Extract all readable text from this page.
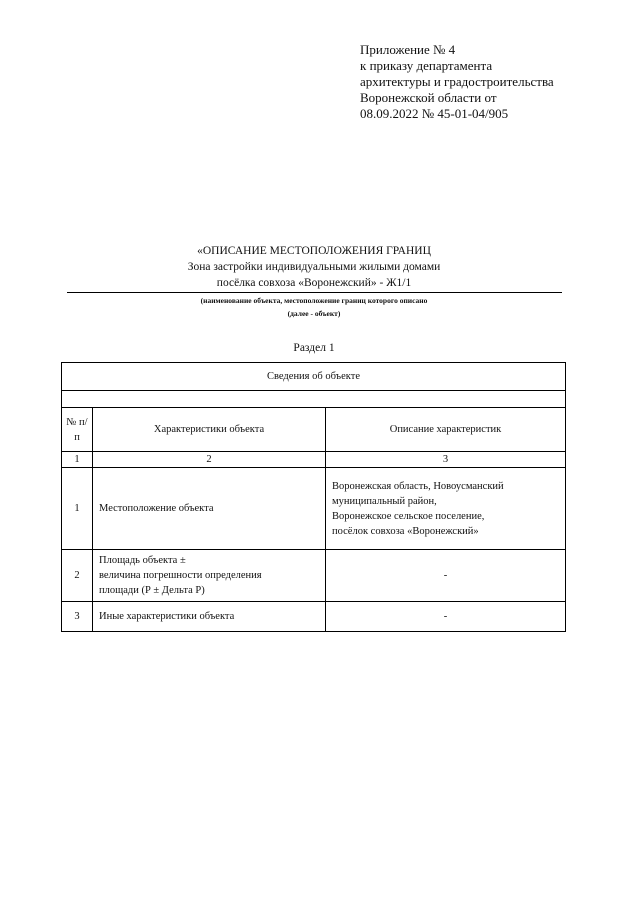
Приложение № 4
к приказу департамента
архитектуры и градостроительства
Воронежской области от
08.09.2022 № 45-01-04/905
«ОПИСАНИЕ МЕСТОПОЛОЖЕНИЯ ГРАНИЦ
Зона застройки индивидуальными жилыми домами
посёлка совхоза «Воронежский» - Ж1/1
(наименование объекта, местоположение границ которого описано
(далее - объект)
Раздел 1
Сведения об объекте		

№ п/п	Характеристики объекта	Описание характеристик
1	2	3
1	Местоположение объекта	Воронежская область, Новоусманский
муниципальный район,
Воронежское сельское поселение,
посёлок совхоза «Воронежский»

2	Площадь объекта ±
величина погрешности определения
площади (Р ± Дельта Р)	-
3	Иные характеристики объекта	-
